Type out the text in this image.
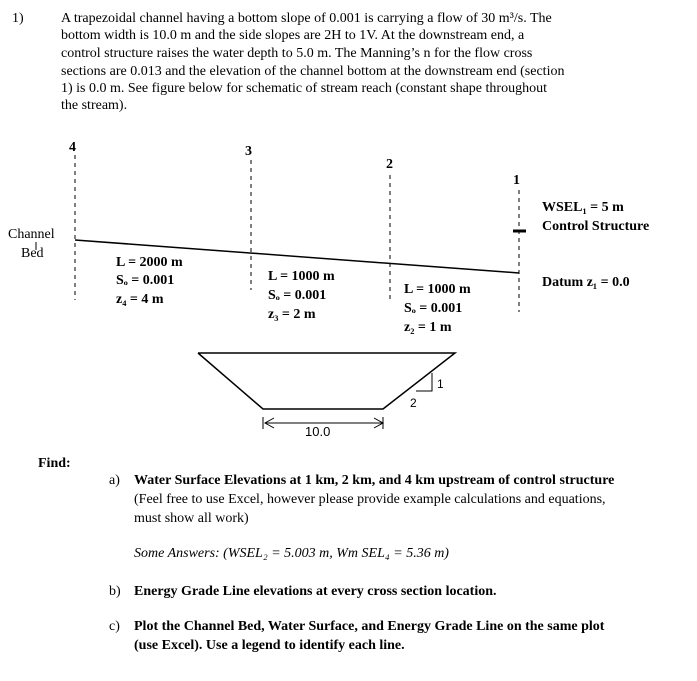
1)	A trapezoidal channel having a bottom slope of 0.001 is carrying a flow of 30 m³/s. The
bottom width is 10.0 m and the side slopes are 2H to 1V. At the downstream end, a
control structure raises the water depth to 5.0 m. The Manning’s n for the flow cross
sections are 0.013 and the elevation of the channel bottom at the downstream end (section
1) is 0.0 m. See figure below for schematic of stream reach (constant shape throughout
the stream).
4	3
2
1
Channel
Bed
L = 2000 m
Sₒ = 0.001
z₄ = 4 m
L = 1000 m
Sₒ = 0.001
z₃ = 2 m
L = 1000 m
Sₒ = 0.001
z₂ = 1 m
WSEL₁ = 5 m
Control Structure
Datum z₁ = 0.0
1
2
10.0
Find:
a) Water Surface Elevations at 1 km, 2 km, and 4 km upstream of control structure (Feel free to use Excel, however please provide example calculations and equations, must show all work)
Some Answers: (WSEL₂ = 5.003 m, Wm SEL₄ = 5.36 m)
b) Energy Grade Line elevations at every cross section location.
c) Plot the Channel Bed, Water Surface, and Energy Grade Line on the same plot (use Excel). Use a legend to identify each line.
